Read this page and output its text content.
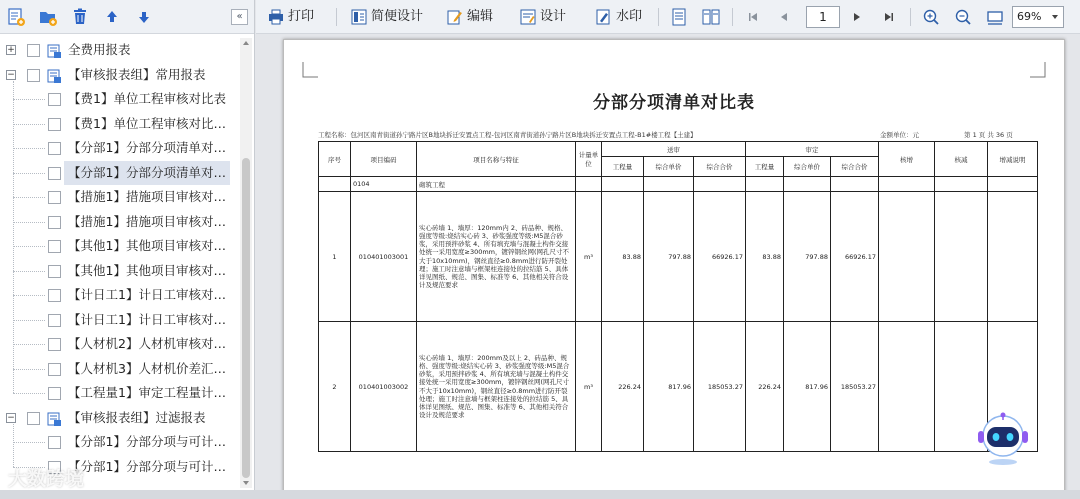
«
+	全费用报表
−	【审核报表组】常用报表
【费1】单位工程审核对比表
【费1】单位工程审核对比…
【分部1】分部分项清单对…
【分部1】分部分项清单对…
【措施1】措施项目审核对…
【措施1】措施项目审核对…
【其他1】其他项目审核对…
【其他1】其他项目审核对…
【计日工1】计日工审核对…
【计日工1】计日工审核对…
【人材机2】人材机审核对…
【人材机3】人材机价差汇…
【工程量1】审定工程量计…
−	【审核报表组】过滤报表
【分部1】分部分项与可计…
【分部1】分部分项与可计…
打印	简便设计	编辑	设计	水印	1	69%
分部分项清单对比表
工程名称：包河区南青街道孙宁路片区B地块拆迁安置点工程-包河区南青街道孙宁路片区B地块拆迁安置点工程-B1#楼工程【土建】	金额单位：元	第 1 页 共 36 页
序号	项目编码	项目名称与特征	计量单位	送审			审定			核增	核减	增减说明
				工程量	综合单价	综合合价	工程量	综合单价	综合合价			
	0104	砌筑工程										
1	010401003001	实心砖墙 1、墙厚：120mm内 2、砖品种、规格、强度等级:烧结实心砖 3、砂浆强度等级:M5混合砂浆，采用预拌砂浆 4、所有填充墙与混凝土构件交接处统一采用宽度≥300mm，镀锌钢丝网(网孔尺寸不大于10x10mm)，钢丝直径≥0.8mm进行防开裂处理；施工时注意墙与框架柱连接处的拉结筋 5、具体详见图纸、规范、图集、标准等 6、其他相关符合设计及规范要求	m³	83.88	797.88	66926.17	83.88	797.88	66926.17			
2	010401003002	实心砖墙 1、墙厚：200mm及以上 2、砖品种、规格、强度等级:烧结实心砖 3、砂浆强度等级:M5混合砂浆，采用预拌砂浆 4、所有填充墙与混凝土构件交接处统一采用宽度≥300mm，镀锌钢丝网(网孔尺寸不大于10x10mm)，钢丝直径≥0.8mm进行防开裂处理；施工时注意墙与框架柱连接处的拉结筋 5、具体详见图纸、规范、图集、标准等 6、其他相关符合设计及规范要求	m³	226.24	817.96	185053.27	226.24	817.96	185053.27			
大数跨境
